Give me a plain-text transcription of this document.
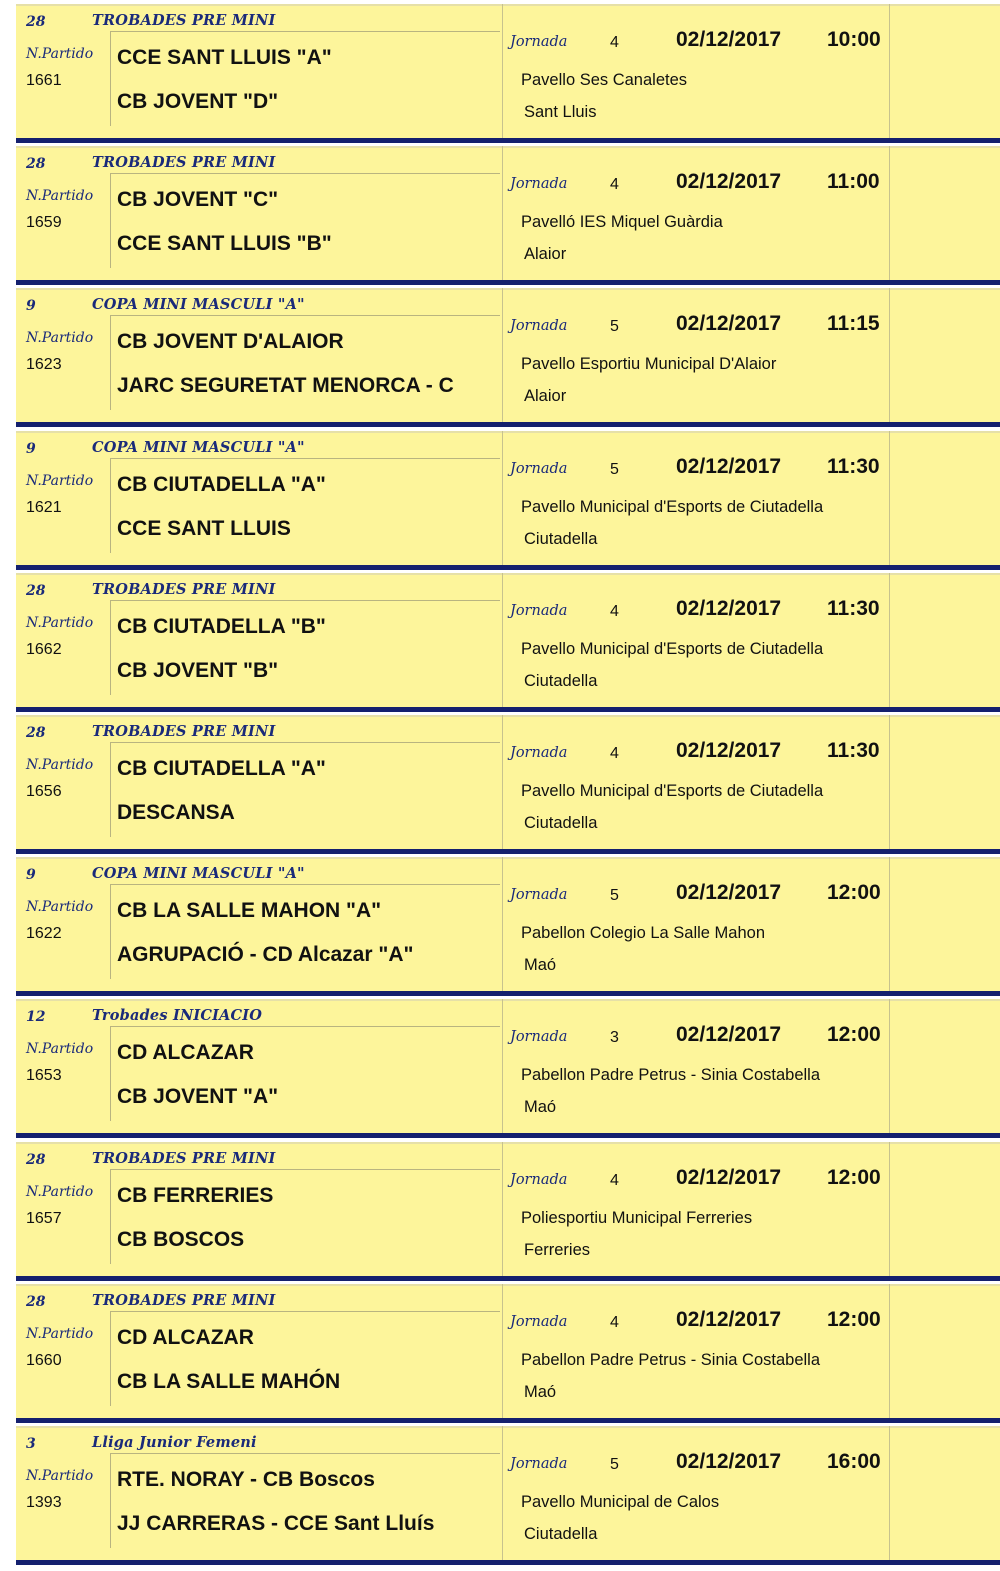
28	TROBADES PRE MINI
N.Partido
1661
CCE SANT LLUIS "A"
CB JOVENT "D"
Jornada	4	02/12/2017 10:00
Pavello Ses Canaletes
Sant Lluis
28	TROBADES PRE MINI
N.Partido
1659
CB JOVENT "C"
CCE SANT LLUIS "B"
Jornada	4	02/12/2017 11:00
Pavelló IES Miquel Guàrdia
Alaior
9	COPA MINI MASCULI "A"
N.Partido
1623
CB JOVENT D'ALAIOR
JARC SEGURETAT MENORCA - C
Jornada	5	02/12/2017 11:15
Pavello Esportiu Municipal D'Alaior
Alaior
9	COPA MINI MASCULI "A"
N.Partido
1621
CB CIUTADELLA "A"
CCE SANT LLUIS
Jornada	5	02/12/2017 11:30
Pavello Municipal d'Esports de Ciutadella
Ciutadella
28	TROBADES PRE MINI
N.Partido
1662
CB CIUTADELLA "B"
CB JOVENT "B"
Jornada	4	02/12/2017 11:30
Pavello Municipal d'Esports de Ciutadella
Ciutadella
28	TROBADES PRE MINI
N.Partido
1656
CB CIUTADELLA "A"
DESCANSA
Jornada	4	02/12/2017 11:30
Pavello Municipal d'Esports de Ciutadella
Ciutadella
9	COPA MINI MASCULI "A"
N.Partido
1622
CB LA SALLE MAHON "A"
AGRUPACIÓ - CD Alcazar "A"
Jornada	5	02/12/2017 12:00
Pabellon Colegio La Salle Mahon
Maó
12	Trobades INICIACIO
N.Partido
1653
CD ALCAZAR
CB JOVENT "A"
Jornada	3	02/12/2017 12:00
Pabellon Padre Petrus - Sinia Costabella
Maó
28	TROBADES PRE MINI
N.Partido
1657
CB FERRERIES
CB BOSCOS
Jornada	4	02/12/2017 12:00
Poliesportiu Municipal Ferreries
Ferreries
28	TROBADES PRE MINI
N.Partido
1660
CD ALCAZAR
CB LA SALLE MAHÓN
Jornada	4	02/12/2017 12:00
Pabellon Padre Petrus - Sinia Costabella
Maó
3	Lliga Junior Femeni
N.Partido
1393
RTE. NORAY - CB Boscos
JJ CARRERAS - CCE Sant Lluís
Jornada	5	02/12/2017 16:00
Pavello Municipal de Calos
Ciutadella
